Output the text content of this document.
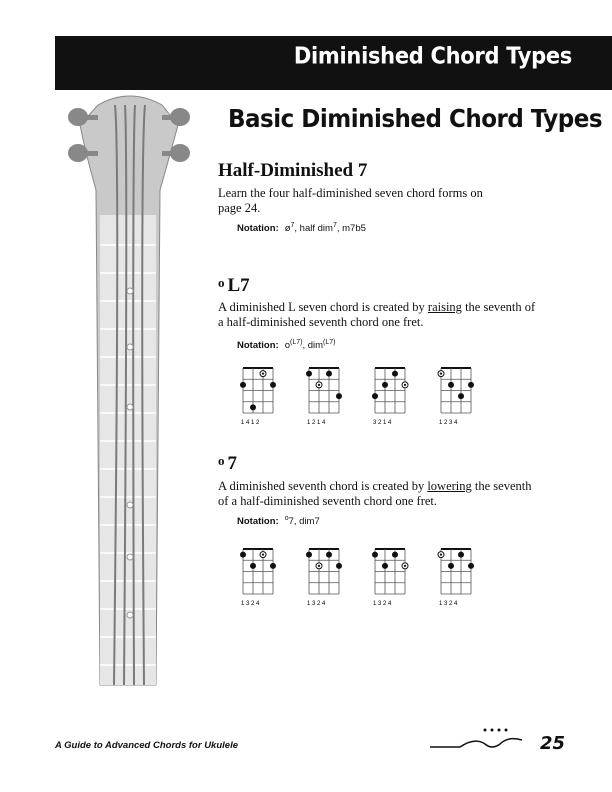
Diminished Chord Types
Basic Diminished Chord Types
Half-Diminished 7
Learn the four half-diminished seven chord forms on page 24.
Notation: $ø^7$, half dim$^7$, m7b5
$^o$ L7
A diminished L seven chord is created by raising the seventh of a half-diminished seventh chord one fret.
Notation: $o^{(L7)}$, dim$^{(L7)}$
$^o$ 7
A diminished seventh chord is created by lowering the seventh of a half-diminished seventh chord one fret.
Notation: $^o$7, dim7
A Guide to Advanced Chords for Ukulele	25
1 4 1 2	1 2 1 4	3 2 1 4	1 2 3 4
1 3 2 4	1 3 2 4	1 3 2 4	1 3 2 4
